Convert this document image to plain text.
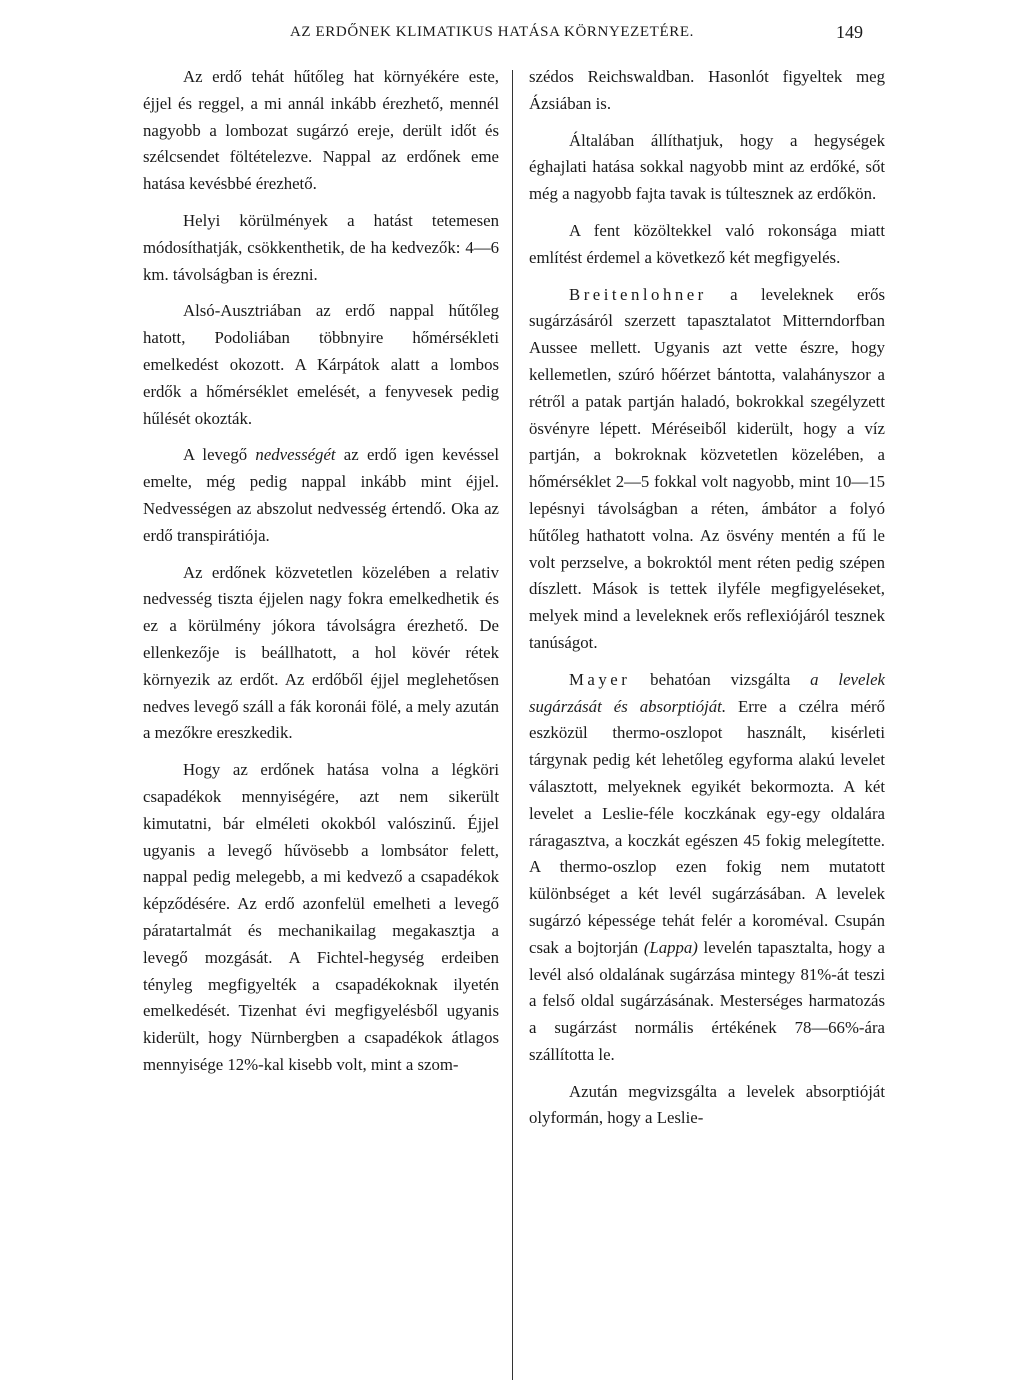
AZ ERDŐNEK KLIMATIKUS HATÁSA KÖRNYEZETÉRE.	149

Az erdő tehát hűtőleg hat környékére este, éjjel és reggel, a mi annál inkább érezhető, mennél nagyobb a lombozat sugárzó ereje, derült időt és szélcsendet föltételezve. Nappal az erdőnek eme hatása kevésbbé érezhető.

Helyi körülmények a hatást tetemesen módosíthatják, csökkenthetik, de ha kedvezők: 4—6 km. távolságban is érezni.

Alsó-Ausztriában az erdő nappal hűtőleg hatott, Podoliában többnyire hőmérsékleti emelkedést okozott. A Kárpátok alatt a lombos erdők a hőmérséklet emelését, a fenyvesek pedig hűlését okozták.

A levegő nedvességét az erdő igen kevéssel emelte, még pedig nappal inkább mint éjjel. Nedvességen az abszolut nedvesség értendő. Oka az erdő transpirátiója.

Az erdőnek közvetetlen közelében a relativ nedvesség tiszta éjjelen nagy fokra emelkedhetik és ez a körülmény jókora távolságra érezhető. De ellenkezője is beállhatott, a hol kövér rétek környezik az erdőt. Az erdőből éjjel meglehetősen nedves levegő száll a fák koronái fölé, a mely azután a mezőkre ereszkedik.

Hogy az erdőnek hatása volna a légköri csapadékok mennyiségére, azt nem sikerült kimutatni, bár elméleti okokból valószinű. Éjjel ugyanis a levegő hűvösebb a lombsátor felett, nappal pedig melegebb, a mi kedvező a csapadékok képződésére. Az erdő azonfelül emelheti a levegő páratartalmát és mechanikailag megakasztja a levegő mozgását. A Fichtel-hegység erdeiben tényleg megfigyelték a csapadékoknak ilyetén emelkedését. Tizenhat évi megfigyelésből ugyanis kiderült, hogy Nürnbergben a csapadékok átlagos mennyisége 12%-kal kisebb volt, mint a szom-

szédos Reichswaldban. Hasonlót figyeltek meg Ázsiában is.

Általában állíthatjuk, hogy a hegységek éghajlati hatása sokkal nagyobb mint az erdőké, sőt még a nagyobb fajta tavak is túltesznek az erdőkön.

A fent közöltekkel való rokonsága miatt említést érdemel a következő két megfigyelés.

Breitenlohner a leveleknek erős sugárzásáról szerzett tapasztalatot Mitterndorfban Aussee mellett. Ugyanis azt vette észre, hogy kellemetlen, szúró hőérzet bántotta, valahányszor a rétről a patak partján haladó, bokrokkal szegélyzett ösvényre lépett. Méréseiből kiderült, hogy a víz partján, a bokroknak közvetetlen közelében, a hőmérséklet 2—5 fokkal volt nagyobb, mint 10—15 lepésnyi távolságban a réten, ámbátor a folyó hűtőleg hathatott volna. Az ösvény mentén a fű le volt perzselve, a bokroktól ment réten pedig szépen díszlett. Mások is tettek ilyféle megfigyeléseket, melyek mind a leveleknek erős reflexiójáról tesznek tanúságot.

Mayer behatóan vizsgálta a levelek sugárzását és absorptióját. Erre a czélra mérő eszközül thermo-oszlopot használt, kisérleti tárgynak pedig két lehetőleg egyforma alakú levelet választott, melyeknek egyikét bekormozta. A két levelet a Leslie-féle koczkának egy-egy oldalára ráragasztva, a koczkát egészen 45 fokig melegítette. A thermo-oszlop ezen fokig nem mutatott különbséget a két levél sugárzásában. A levelek sugárzó képessége tehát felér a koroméval. Csupán csak a bojtorján (Lappa) levelén tapasztalta, hogy a levél alsó oldalának sugárzása mintegy 81%-át teszi a felső oldal sugárzásának. Mesterséges harmatozás a sugárzást normális értékének 78—66%-ára szállította le.

Azután megvizsgálta a levelek absorptióját olyformán, hogy a Leslie-
